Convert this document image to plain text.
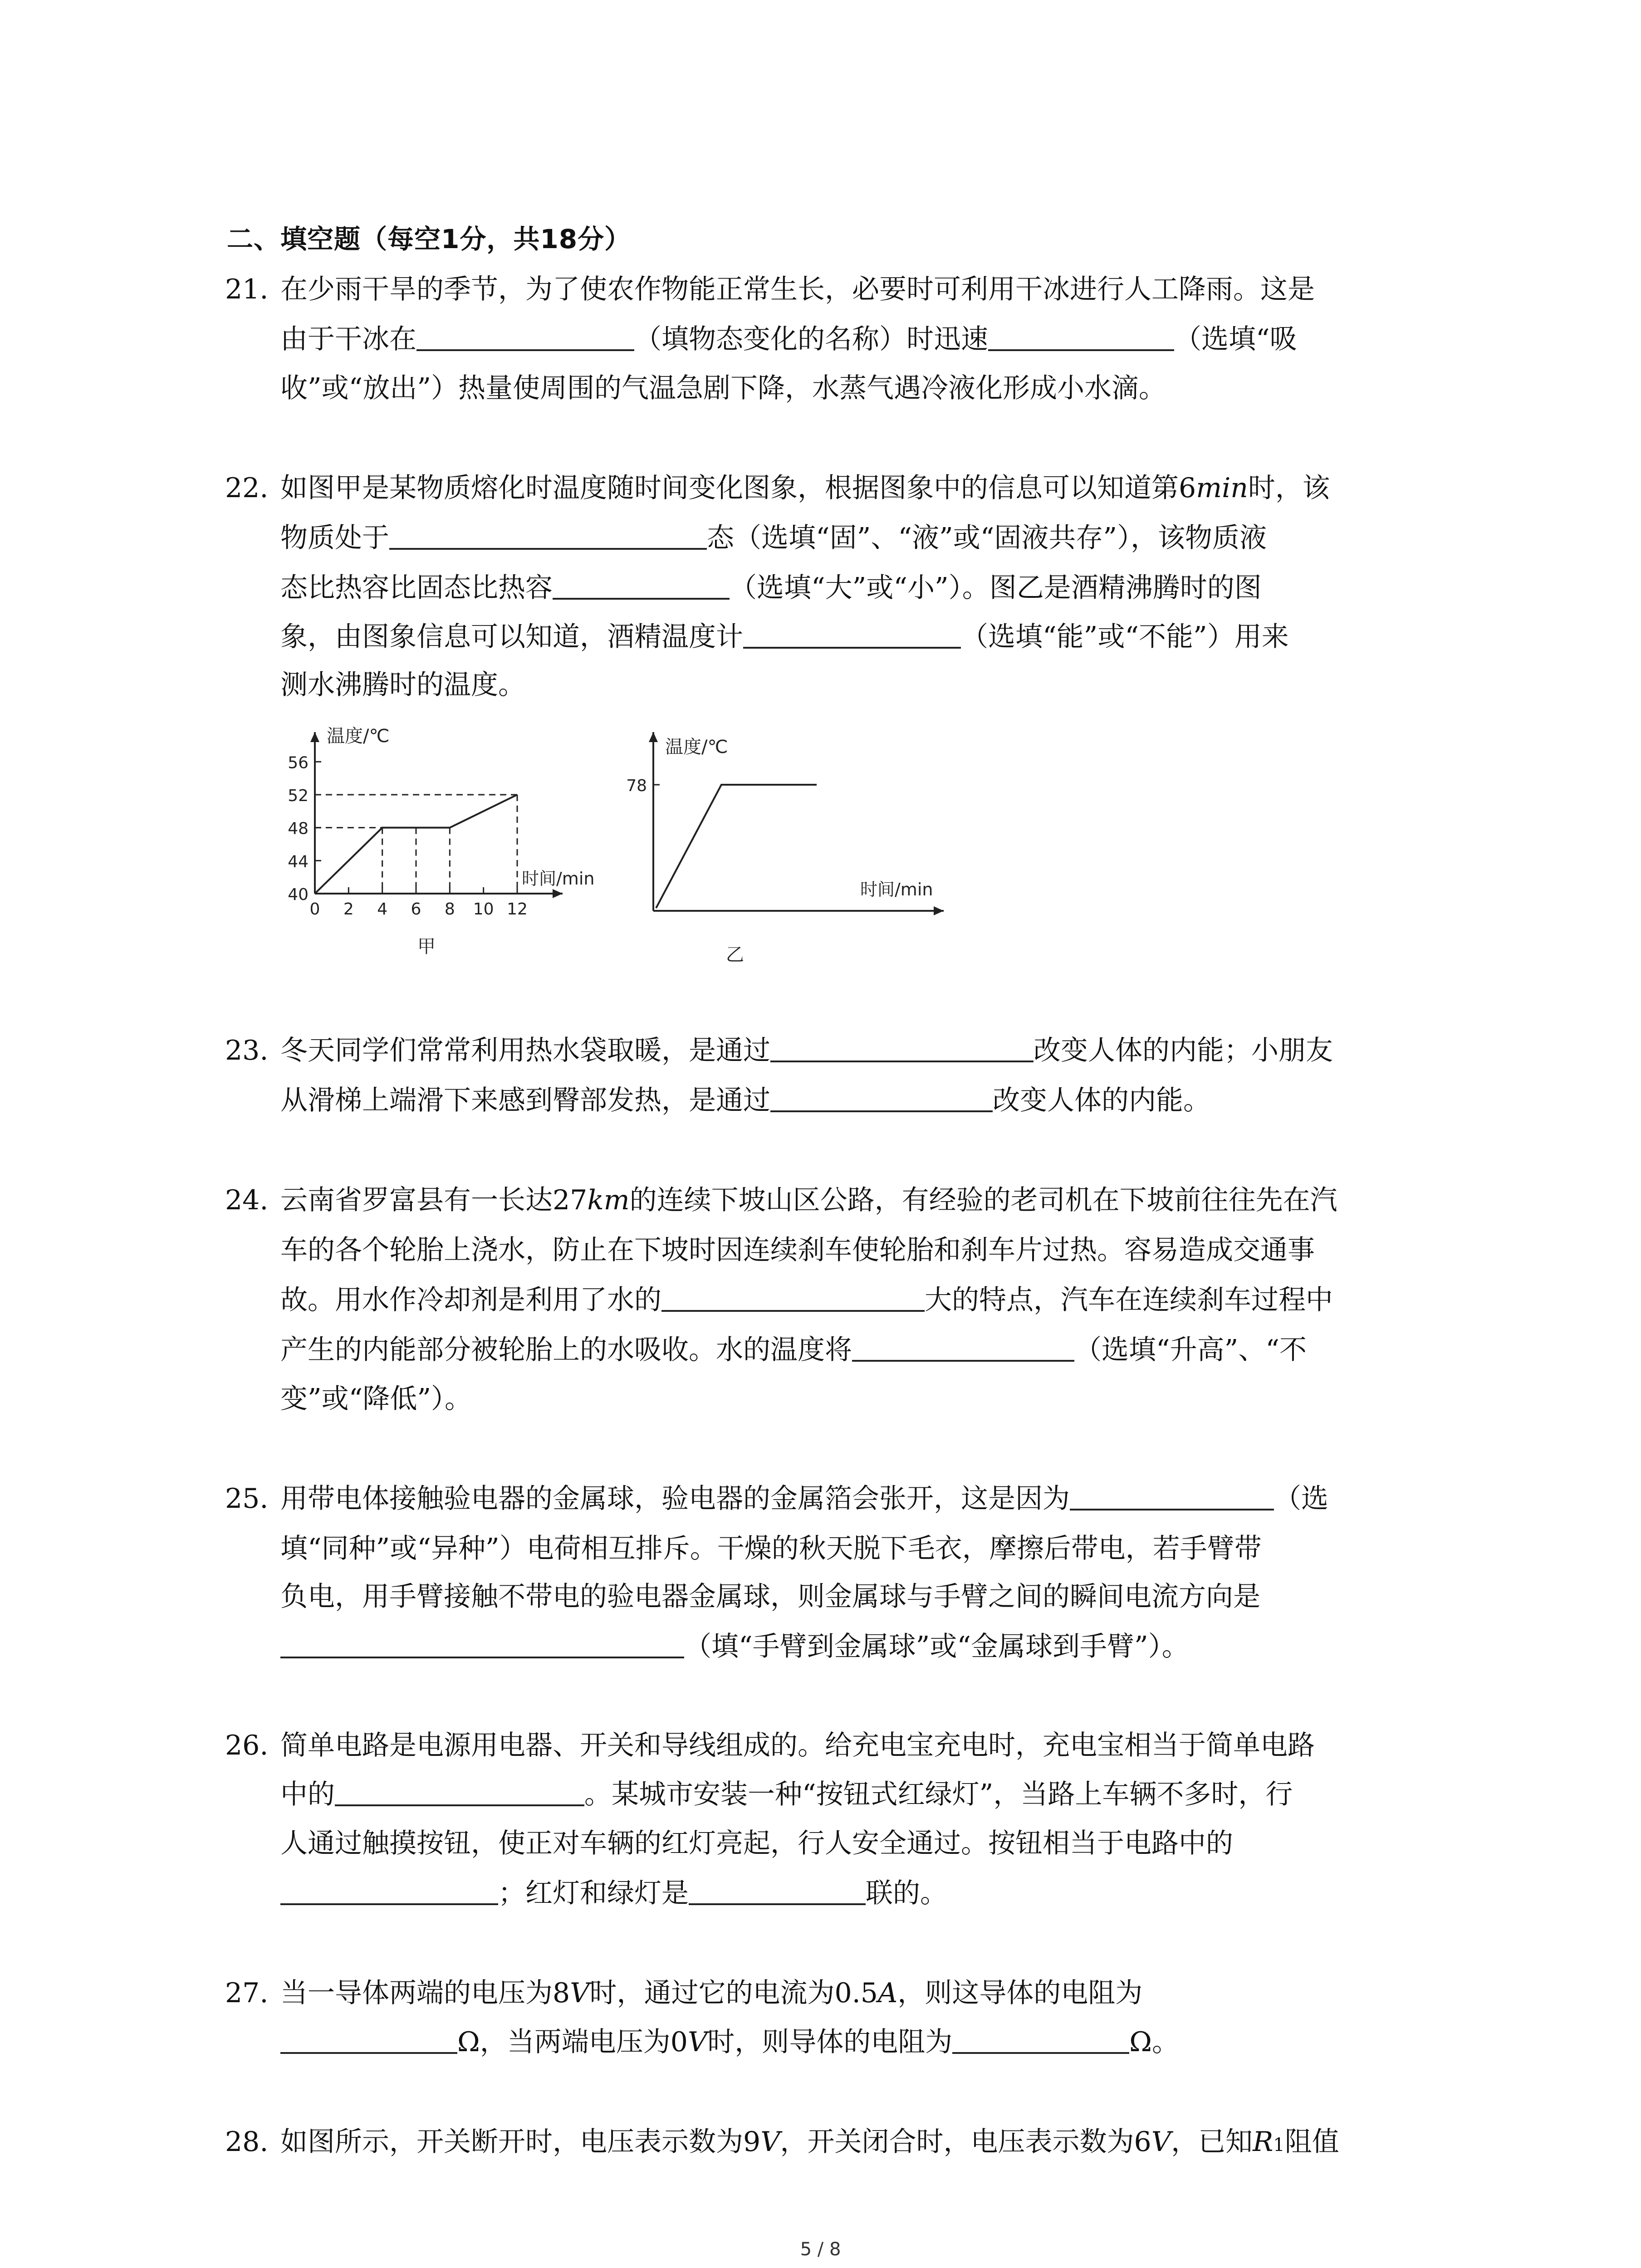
二、填空题（每空1分，共18分）
21. 在少雨干旱的季节，为了使农作物能正常生长，必要时可利用干冰进行人工降雨。这是
由于干冰在	（填物态变化的名称）时迅速	（选填“吸
收”或“放出”）热量使周围的气温急剧下降，水蒸气遇冷液化形成小水滴。
22. 如图甲是某物质熔化时温度随时间变化图象，根据图象中的信息可以知道第6min时，该
物质处于	态（选填“固”、“液”或“固液共存”），该物质液
态比热容比固态比热容	（选填“大”或“小”）。图乙是酒精沸腾时的图
象，由图象信息可以知道，酒精温度计	（选填“能”或“不能”）用来
测水沸腾时的温度。
温度/℃
时间/min
40
44
48
52
56
0 2 4 6 8 10 12
甲
温度/℃
时间/min
78
乙
23. 冬天同学们常常利用热水袋取暖，是通过	改变人体的内能；小朋友
从滑梯上端滑下来感到臀部发热，是通过	改变人体的内能。
24. 云南省罗富县有一长达27km的连续下坡山区公路，有经验的老司机在下坡前往往先在汽
车的各个轮胎上浇水，防止在下坡时因连续刹车使轮胎和刹车片过热。容易造成交通事
故。用水作冷却剂是利用了水的	大的特点，汽车在连续刹车过程中
产生的内能部分被轮胎上的水吸收。水的温度将	（选填“升高”、“不
变”或“降低”）。
25. 用带电体接触验电器的金属球，验电器的金属箔会张开，这是因为	（选
填“同种”或“异种”）电荷相互排斥。干燥的秋天脱下毛衣，摩擦后带电，若手臂带
负电，用手臂接触不带电的验电器金属球，则金属球与手臂之间的瞬间电流方向是
（填“手臂到金属球”或“金属球到手臂”）。
26. 简单电路是电源用电器、开关和导线组成的。给充电宝充电时，充电宝相当于简单电路
中的	。某城市安装一种“按钮式红绿灯”，当路上车辆不多时，行
人通过触摸按钮，使正对车辆的红灯亮起，行人安全通过。按钮相当于电路中的
；红灯和绿灯是	联的。
27. 当一导体两端的电压为8V时，通过它的电流为0.5A，则这导体的电阻为
Ω，当两端电压为0V时，则导体的电阻为	Ω。
28. 如图所示，开关断开时，电压表示数为9V，开关闭合时，电压表示数为6V，已知R1阻值
5 / 8
